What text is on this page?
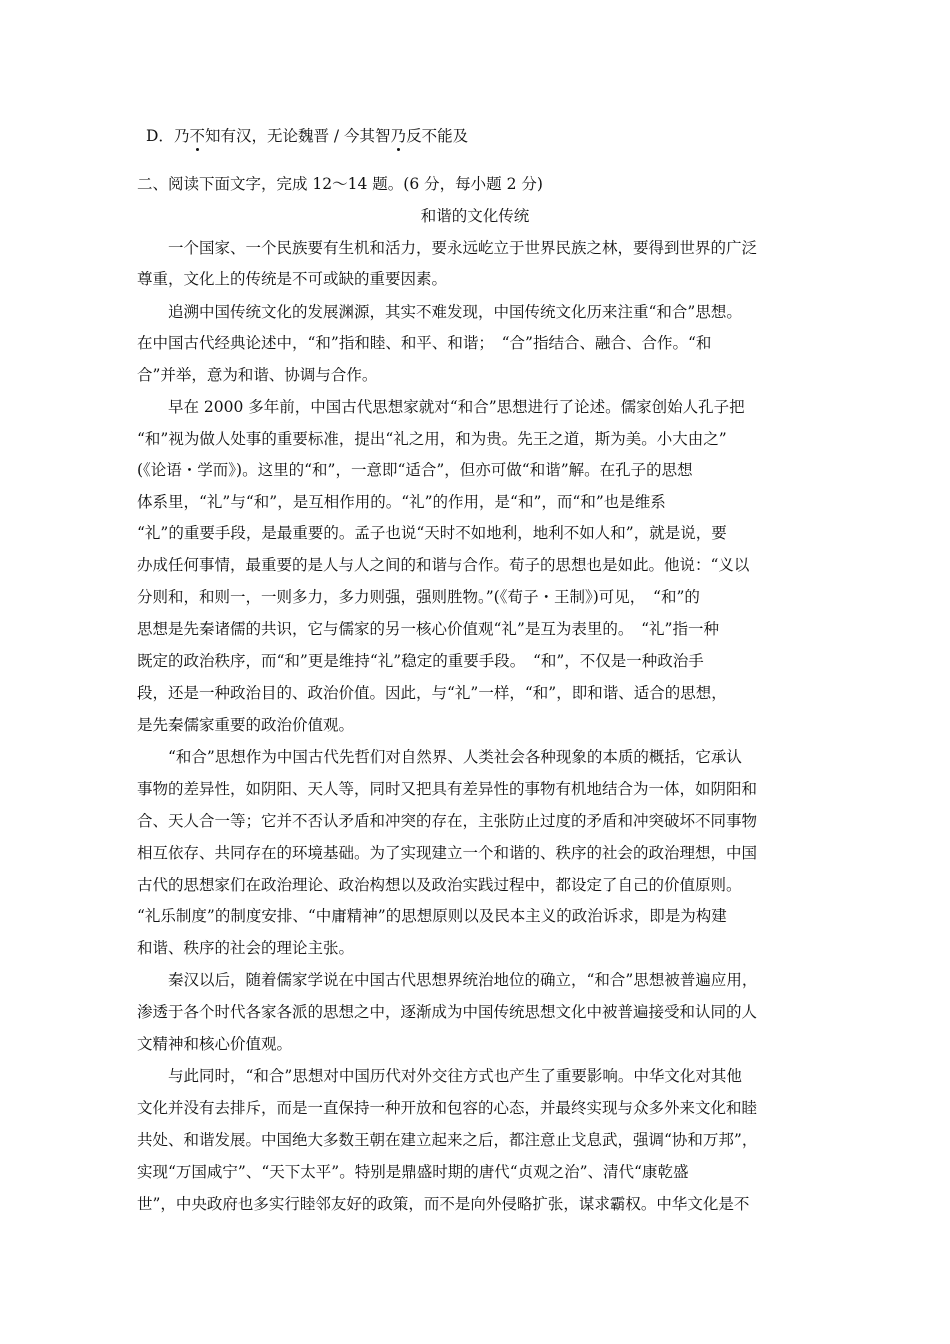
D．乃不知有汉，无论魏晋 / 今其智乃反不能及
二、阅读下面文字，完成 12～14 题。(6 分，每小题 2 分)
和谐的文化传统
　　一个国家、一个民族要有生机和活力，要永远屹立于世界民族之林，要得到世界的广泛
尊重，文化上的传统是不可或缺的重要因素。
　　追溯中国传统文化的发展渊源，其实不难发现，中国传统文化历来注重“和合”思想。
在中国古代经典论述中，“和”指和睦、和平、和谐；　“合”指结合、融合、合作。“和
合”并举，意为和谐、协调与合作。
　　早在 2000 多年前，中国古代思想家就对“和合”思想进行了论述。儒家创始人孔子把
“和”视为做人处事的重要标准，提出“礼之用，和为贵。先王之道，斯为美。小大由之”
(《论语・学而》)。这里的“和”，一意即“适合”，但亦可做“和谐”解。在孔子的思想
体系里，“礼”与“和”，是互相作用的。“礼”的作用，是“和”，而“和”也是维系
“礼”的重要手段，是最重要的。孟子也说“天时不如地利，地利不如人和”，就是说，要
办成任何事情，最重要的是人与人之间的和谐与合作。荀子的思想也是如此。他说：“义以
分则和，和则一，一则多力，多力则强，强则胜物。”(《荀子・王制》)可见，　“和”的
思想是先秦诸儒的共识，它与儒家的另一核心价值观“礼”是互为表里的。　“礼”指一种
既定的政治秩序，而“和”更是维持“礼”稳定的重要手段。　“和”，不仅是一种政治手
段，还是一种政治目的、政治价值。因此，与“礼”一样，“和”，即和谐、适合的思想，
是先秦儒家重要的政治价值观。
　　“和合”思想作为中国古代先哲们对自然界、人类社会各种现象的本质的概括，它承认
事物的差异性，如阴阳、天人等，同时又把具有差异性的事物有机地结合为一体，如阴阳和
合、天人合一等；它并不否认矛盾和冲突的存在，主张防止过度的矛盾和冲突破坏不同事物
相互依存、共同存在的环境基础。为了实现建立一个和谐的、秩序的社会的政治理想，中国
古代的思想家们在政治理论、政治构想以及政治实践过程中，都设定了自己的价值原则。
“礼乐制度”的制度安排、“中庸精神”的思想原则以及民本主义的政治诉求，即是为构建
和谐、秩序的社会的理论主张。
　　秦汉以后，随着儒家学说在中国古代思想界统治地位的确立，“和合”思想被普遍应用，
渗透于各个时代各家各派的思想之中，逐渐成为中国传统思想文化中被普遍接受和认同的人
文精神和核心价值观。
　　与此同时，“和合”思想对中国历代对外交往方式也产生了重要影响。中华文化对其他
文化并没有去排斥，而是一直保持一种开放和包容的心态，并最终实现与众多外来文化和睦
共处、和谐发展。中国绝大多数王朝在建立起来之后，都注意止戈息武，强调“协和万邦”，
实现“万国咸宁”、“天下太平”。特别是鼎盛时期的唐代“贞观之治”、清代“康乾盛
世”，中央政府也多实行睦邻友好的政策，而不是向外侵略扩张，谋求霸权。中华文化是不
